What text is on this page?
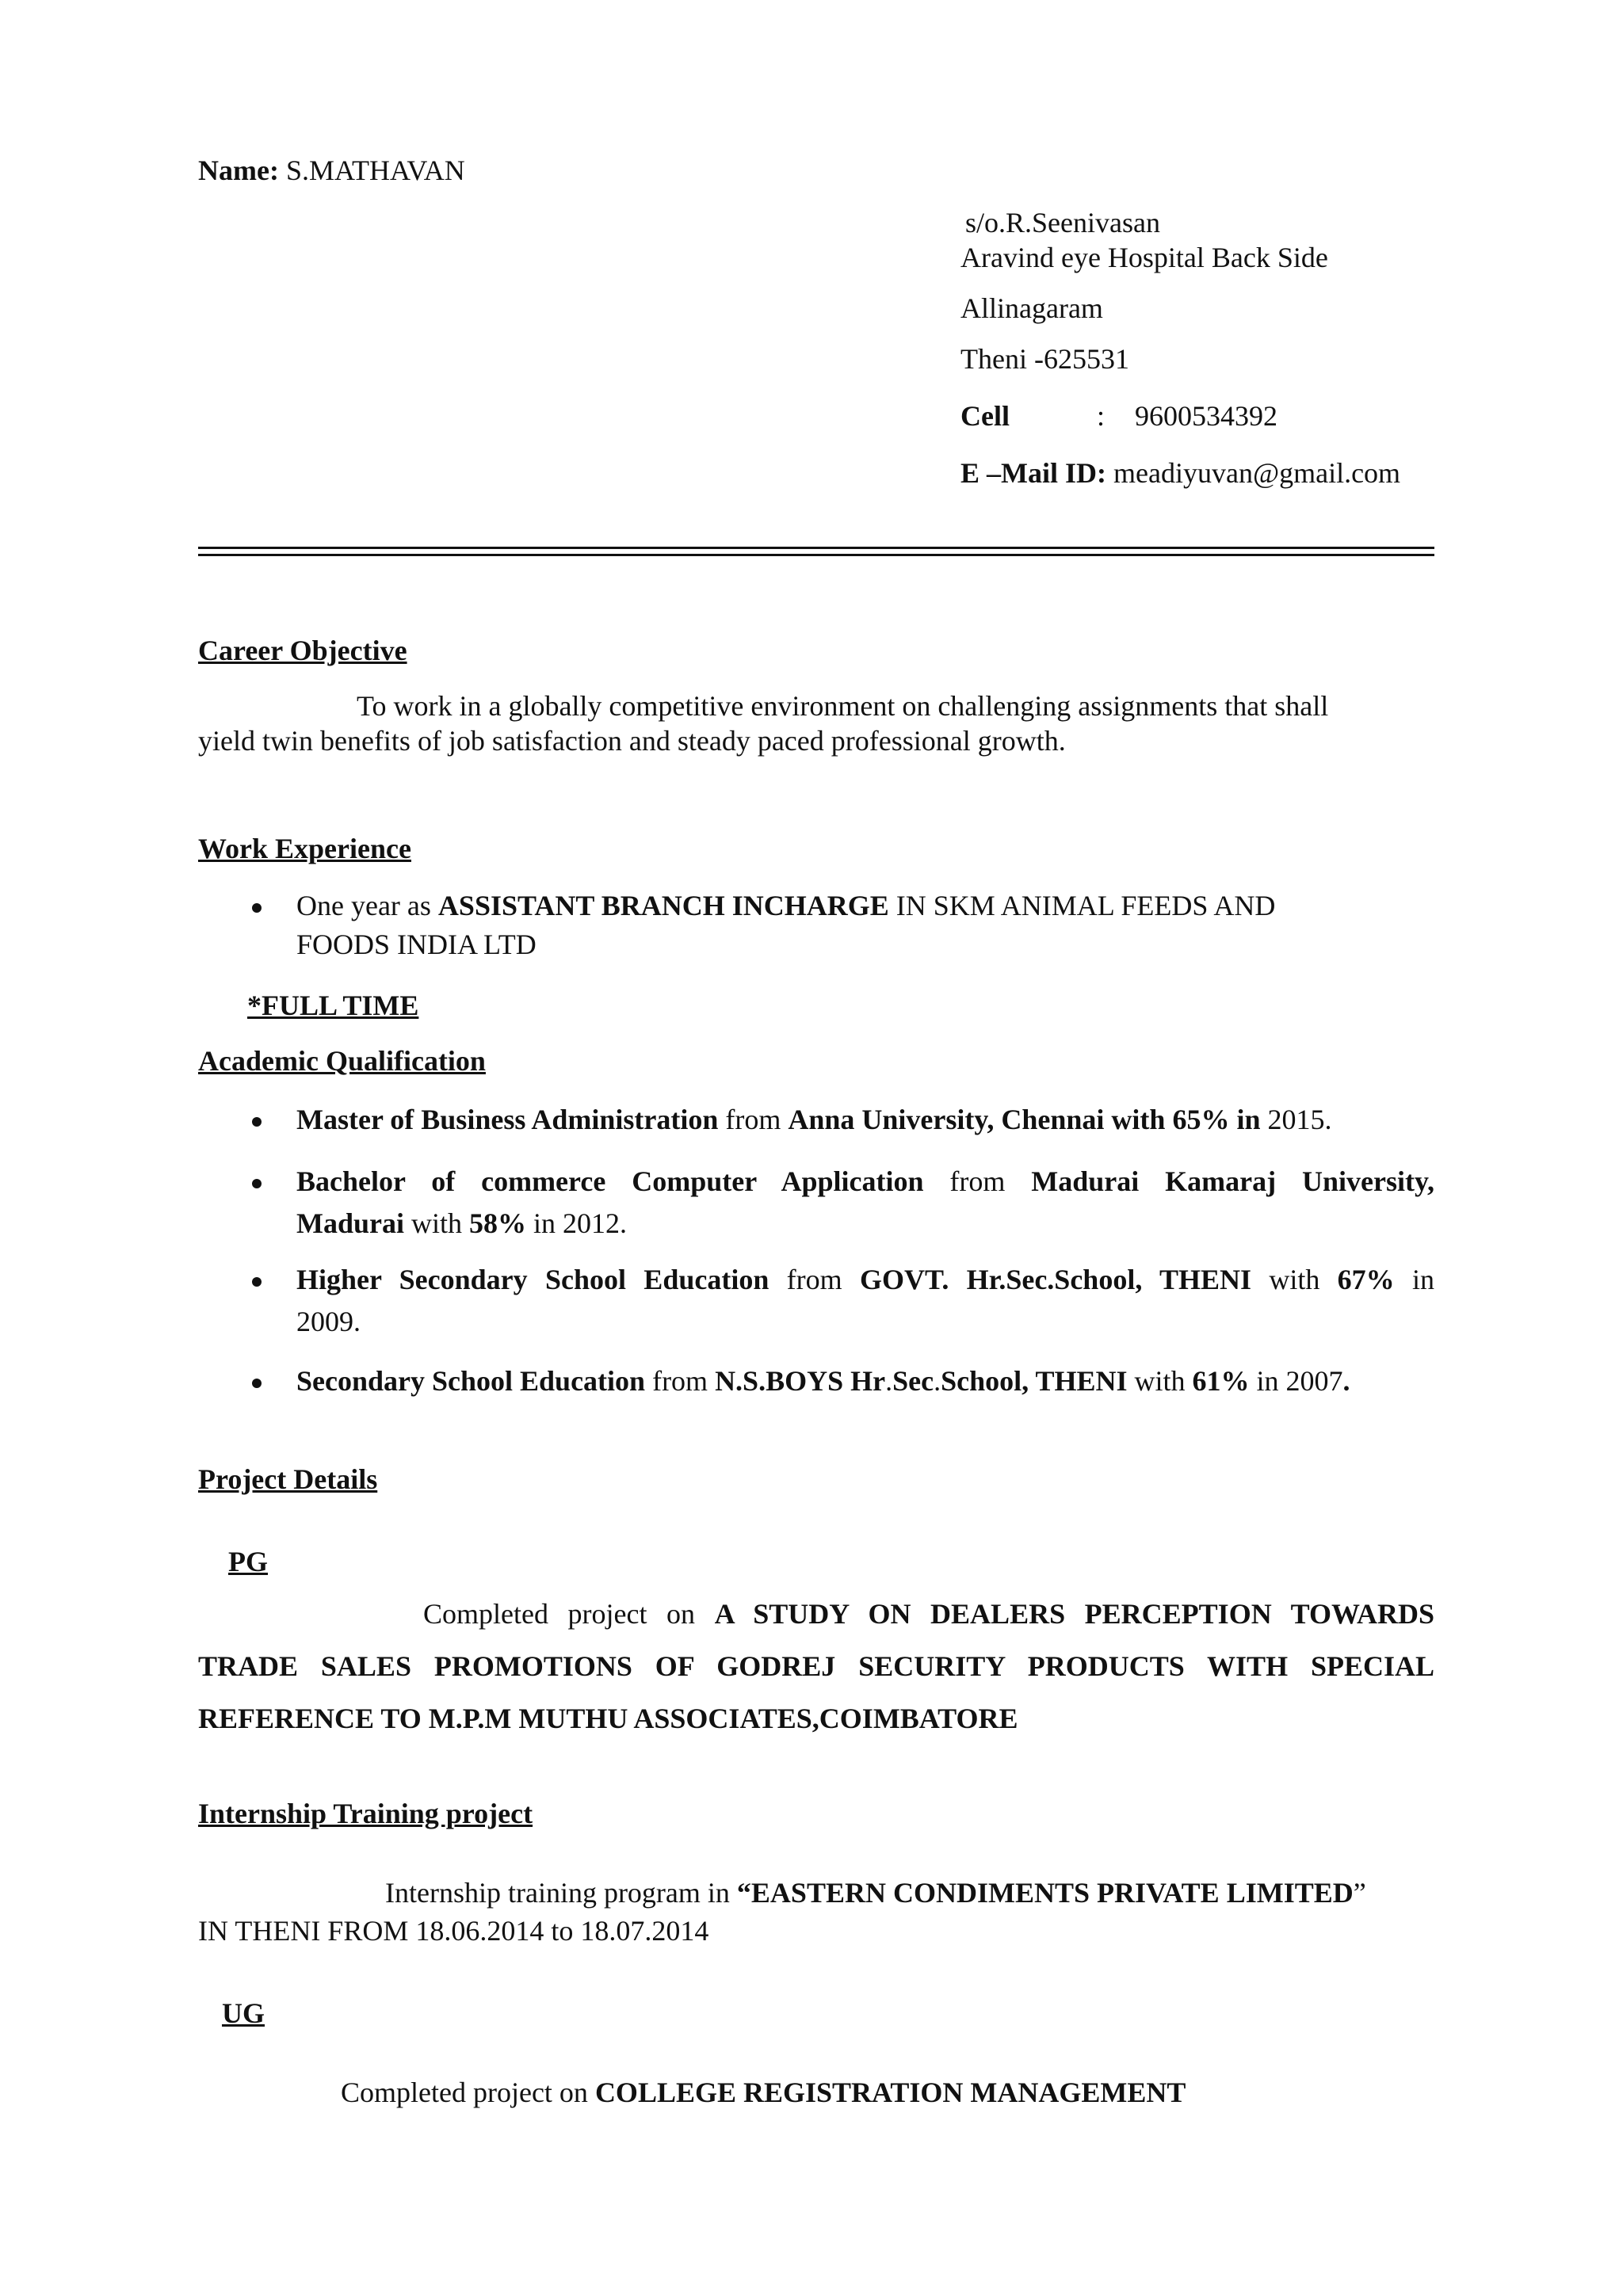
Name: S.MATHAVAN
s/o.R.Seenivasan
Aravind eye Hospital Back Side
Allinagaram
Theni -625531
Cell	: 9600534392
E –Mail ID: meadiyuvan@gmail.com
Career Objective
To work in a globally competitive environment on challenging assignments that shall
yield twin benefits of job satisfaction and steady paced professional growth.
Work Experience
One year as ASSISTANT BRANCH INCHARGE IN SKM ANIMAL FEEDS AND
FOODS INDIA LTD
*FULL TIME
Academic Qualification
Master of Business Administration from Anna University, Chennai with 65% in 2015.
Bachelor of commerce Computer Application from Madurai Kamaraj University,
Madurai with 58% in 2012.
Higher Secondary School Education from GOVT. Hr.Sec.School, THENI with 67% in
2009.
Secondary School Education from N.S.BOYS Hr.Sec.School, THENI with 61% in 2007.
Project Details
PG
Completed project on A STUDY ON DEALERS PERCEPTION TOWARDS
TRADE SALES PROMOTIONS OF GODREJ SECURITY PRODUCTS WITH SPECIAL
REFERENCE TO M.P.M MUTHU ASSOCIATES,COIMBATORE
Internship Training project
Internship training program in “EASTERN CONDIMENTS PRIVATE LIMITED”
IN THENI FROM 18.06.2014 to 18.07.2014
UG
Completed project on COLLEGE REGISTRATION MANAGEMENT
